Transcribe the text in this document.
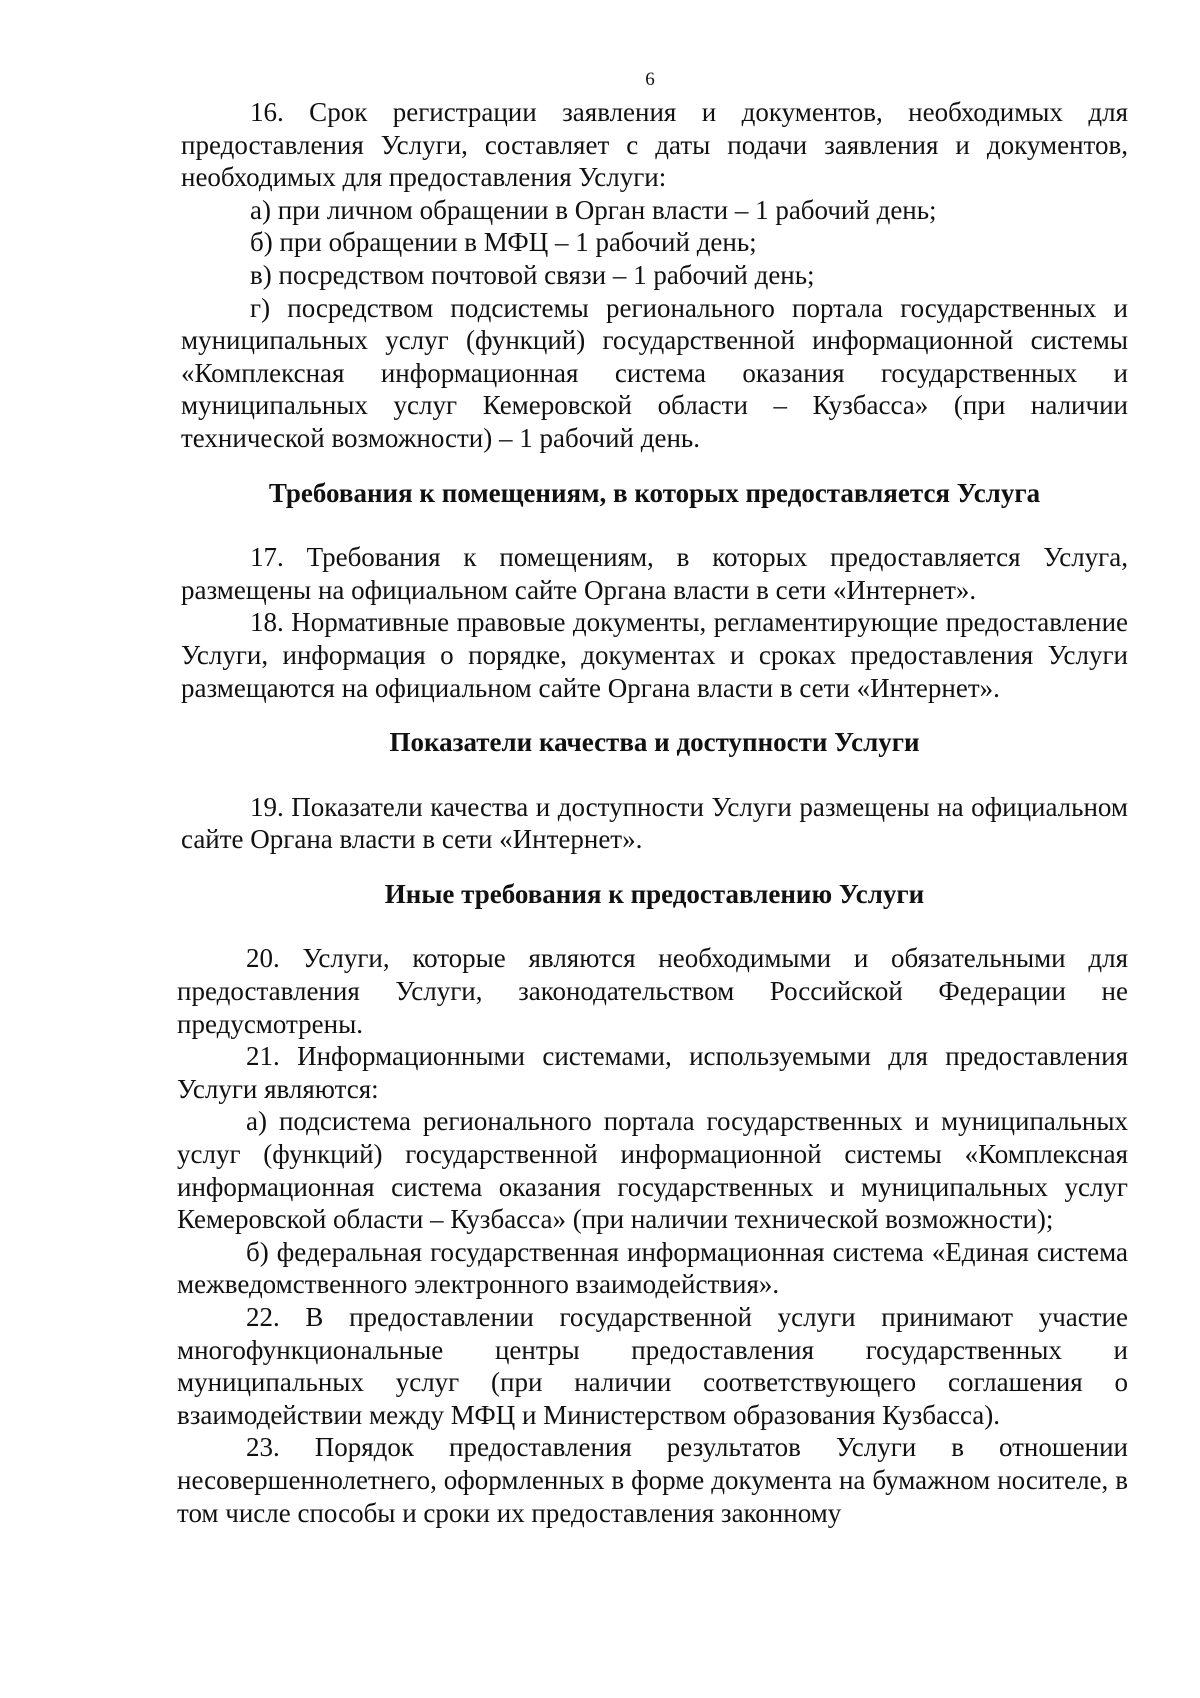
6

16. Срок регистрации заявления и документов, необходимых для предоставления Услуги, составляет с даты подачи заявления и документов, необходимых для предоставления Услуги:

а) при личном обращении в Орган власти – 1 рабочий день;

б) при обращении в МФЦ – 1 рабочий день;

в) посредством почтовой связи – 1 рабочий день;

г) посредством подсистемы регионального портала государственных и муниципальных услуг (функций) государственной информационной системы «Комплексная информационная система оказания государственных и муниципальных услуг Кемеровской области – Кузбасса» (при наличии технической возможности) – 1 рабочий день.

Требования к помещениям, в которых предоставляется Услуга

17. Требования к помещениям, в которых предоставляется Услуга, размещены на официальном сайте Органа власти в сети «Интернет».

18. Нормативные правовые документы, регламентирующие предоставление Услуги, информация о порядке, документах и сроках предоставления Услуги размещаются на официальном сайте Органа власти в сети «Интернет».

Показатели качества и доступности Услуги

19. Показатели качества и доступности Услуги размещены на официальном сайте Органа власти в сети «Интернет».

Иные требования к предоставлению Услуги

20. Услуги, которые являются необходимыми и обязательными для предоставления Услуги, законодательством Российской Федерации не предусмотрены.

21. Информационными системами, используемыми для предоставления Услуги являются:

а) подсистема регионального портала государственных и муниципальных услуг (функций) государственной информационной системы «Комплексная информационная система оказания государственных и муниципальных услуг Кемеровской области – Кузбасса» (при наличии технической возможности);

б) федеральная государственная информационная система «Единая система межведомственного электронного взаимодействия».

22. В предоставлении государственной услуги принимают участие многофункциональные центры предоставления государственных и муниципальных услуг (при наличии соответствующего соглашения о взаимодействии между МФЦ и Министерством образования Кузбасса).

23. Порядок предоставления результатов Услуги в отношении несовершеннолетнего, оформленных в форме документа на бумажном носителе, в том числе способы и сроки их предоставления законному
